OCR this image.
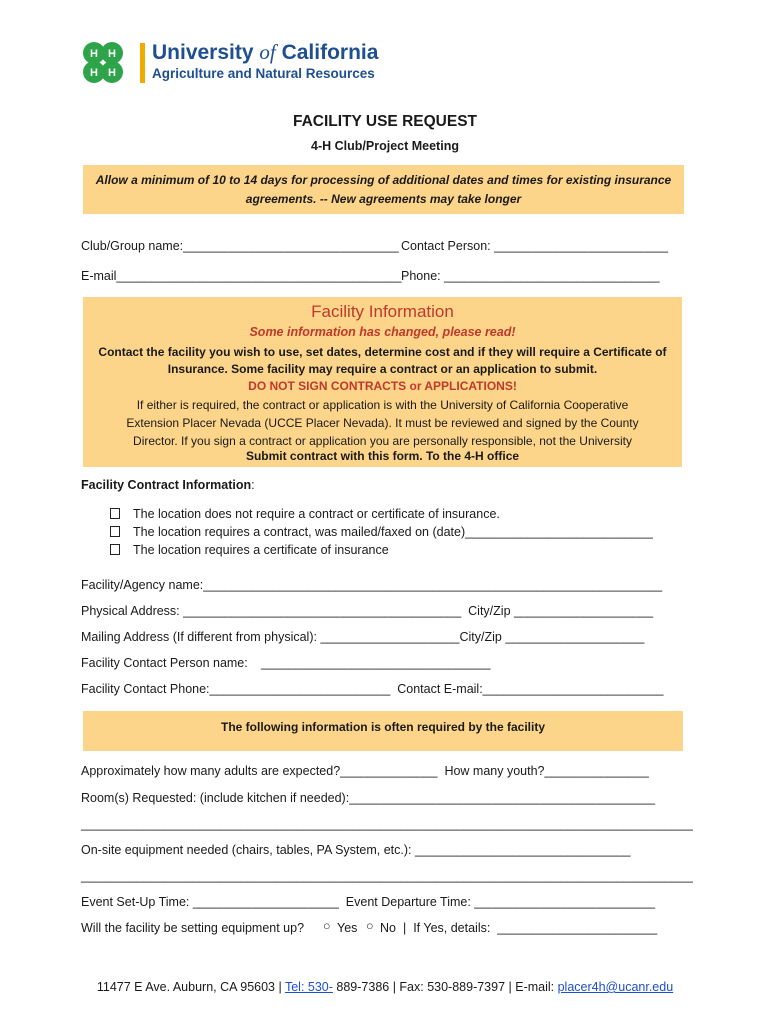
H H
H H
University of California
Agriculture and Natural Resources
FACILITY USE REQUEST
4-H Club/Project Meeting
Allow a minimum of 10 to 14 days for processing of additional dates and times for existing insurance agreements. -- New agreements may take longer
Club/Group name:_______________________________ Contact Person: _________________________
E-mail_________________________________________ Phone: _______________________________
Facility Information
Some information has changed, please read!
Contact the facility you wish to use, set dates, determine cost and if they will require a Certificate of Insurance. Some facility may require a contract or an application to submit.
DO NOT SIGN CONTRACTS or APPLICATIONS!
If either is required, the contract or application is with the University of California Cooperative Extension Placer Nevada (UCCE Placer Nevada). It must be reviewed and signed by the County Director. If you sign a contract or application you are personally responsible, not the University
Submit contract with this form. To the 4-H office
Facility Contract Information:
The location does not require a contract or certificate of insurance.
The location requires a contract, was mailed/faxed on (date)___________________________
The location requires a certificate of insurance
Facility/Agency name:__________________________________________________________________
Physical Address: ________________________________________  City/Zip ____________________
Mailing Address (If different from physical): ____________________City/Zip ____________________
Facility Contact Person name: _________________________________
Facility Contact Phone:__________________________  Contact E-mail:__________________________
The following information is often required by the facility
Approximately how many adults are expected?______________  How many youth?_______________
Room(s) Requested: (include kitchen if needed):____________________________________________
________________________________________________________________________________________
On-site equipment needed (chairs, tables, PA System, etc.): _______________________________
________________________________________________________________________________________
Event Set-Up Time: _____________________  Event Departure Time: __________________________
Will the facility be setting equipment up? ○ Yes ○ No |  If Yes, details:  _______________________
11477 E Ave. Auburn, CA 95603 | Tel: 530- 889-7386 | Fax: 530-889-7397 | E-mail: placer4h@ucanr.edu
